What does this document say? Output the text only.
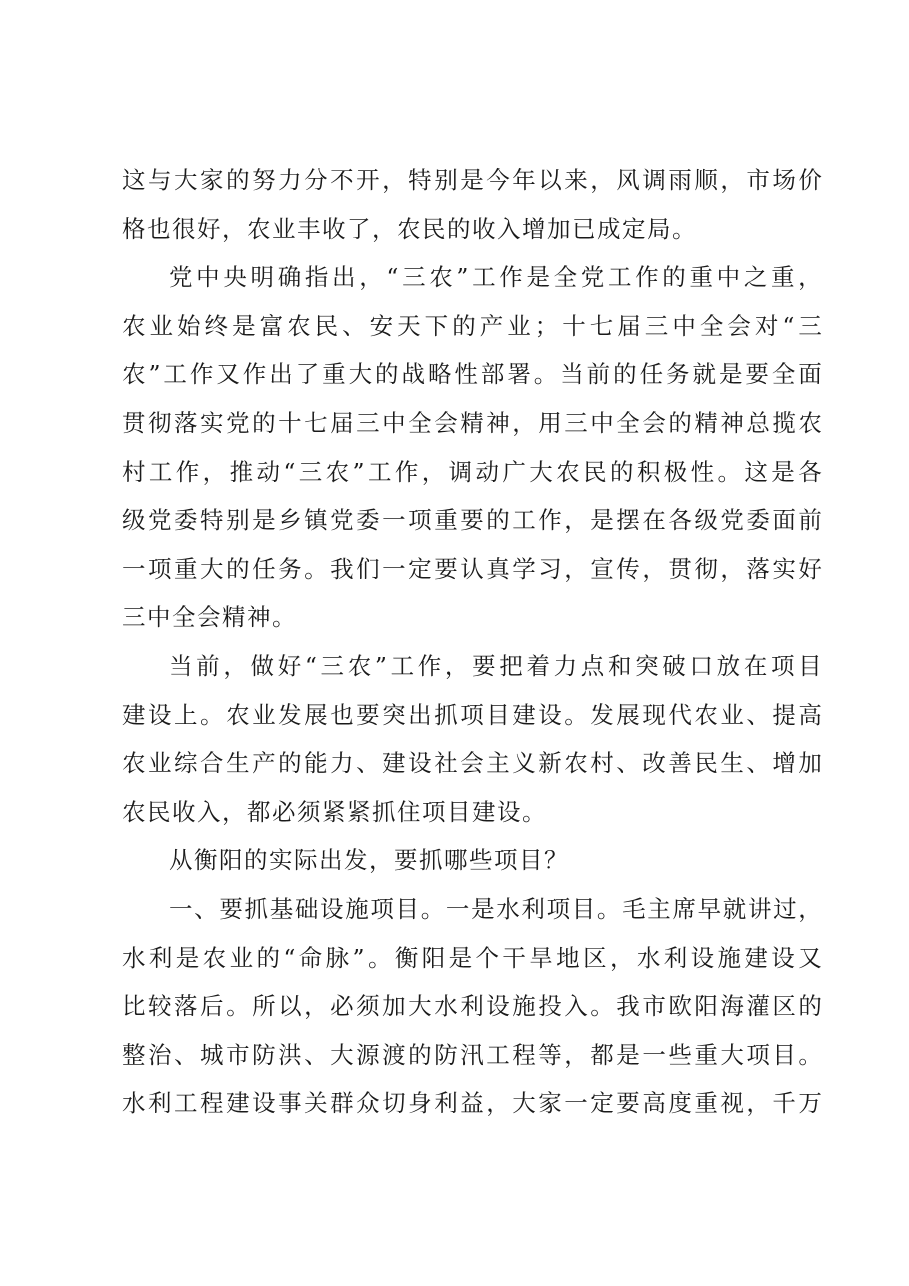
这 与 大 家 的 努 力 分 不 开 ， 特 别 是 今 年 以 来 ， 风 调 雨 顺 ， 市 场 价
格也很好，农业丰收了，农民的收入增加已成定局。
党 中 央 明 确 指 出 ， “ 三 农 ” 工 作 是 全 党 工 作 的 重 中 之 重 ，
农 业 始 终 是 富 农 民 、 安 天 下 的 产 业 ； 十 七 届 三 中 全 会 对 “ 三
农 ” 工 作 又 作 出 了 重 大 的 战 略 性 部 署 。 当 前 的 任 务 就 是 要 全 面
贯 彻 落 实 党 的 十 七 届 三 中 全 会 精 神 ， 用 三 中 全 会 的 精 神 总 揽 农
村 工 作 ， 推 动 “ 三 农 ” 工 作 ， 调 动 广 大 农 民 的 积 极 性 。 这 是 各
级 党 委 特 别 是 乡 镇 党 委 一 项 重 要 的 工 作 ， 是 摆 在 各 级 党 委 面 前
一 项 重 大 的 任 务 。 我 们 一 定 要 认 真 学 习 ， 宣 传 ， 贯 彻 ， 落 实 好
三中全会精神。
当 前 ， 做 好 “ 三 农 ” 工 作 ， 要 把 着 力 点 和 突 破 口 放 在 项 目
建 设 上 。 农 业 发 展 也 要 突 出 抓 项 目 建 设 。 发 展 现 代 农 业 、 提 高
农 业 综 合 生 产 的 能 力 、 建 设 社 会 主 义 新 农 村 、 改 善 民 生 、 增 加
农民收入，都必须紧紧抓住项目建设。
从衡阳的实际出发，要抓哪些项目？
一 、 要 抓 基 础 设 施 项 目 。 一 是 水 利 项 目 。 毛 主 席 早 就 讲 过 ，
水 利 是 农 业 的 “ 命 脉 ” 。 衡 阳 是 个 干 旱 地 区 ， 水 利 设 施 建 设 又
比 较 落 后 。 所 以 ， 必 须 加 大 水 利 设 施 投 入 。 我 市 欧 阳 海 灌 区 的
整 治 、 城 市 防 洪 、 大 源 渡 的 防 汛 工 程 等 ， 都 是 一 些 重 大 项 目 。
水 利 工 程 建 设 事 关 群 众 切 身 利 益 ， 大 家 一 定 要 高 度 重 视 ， 千 万
